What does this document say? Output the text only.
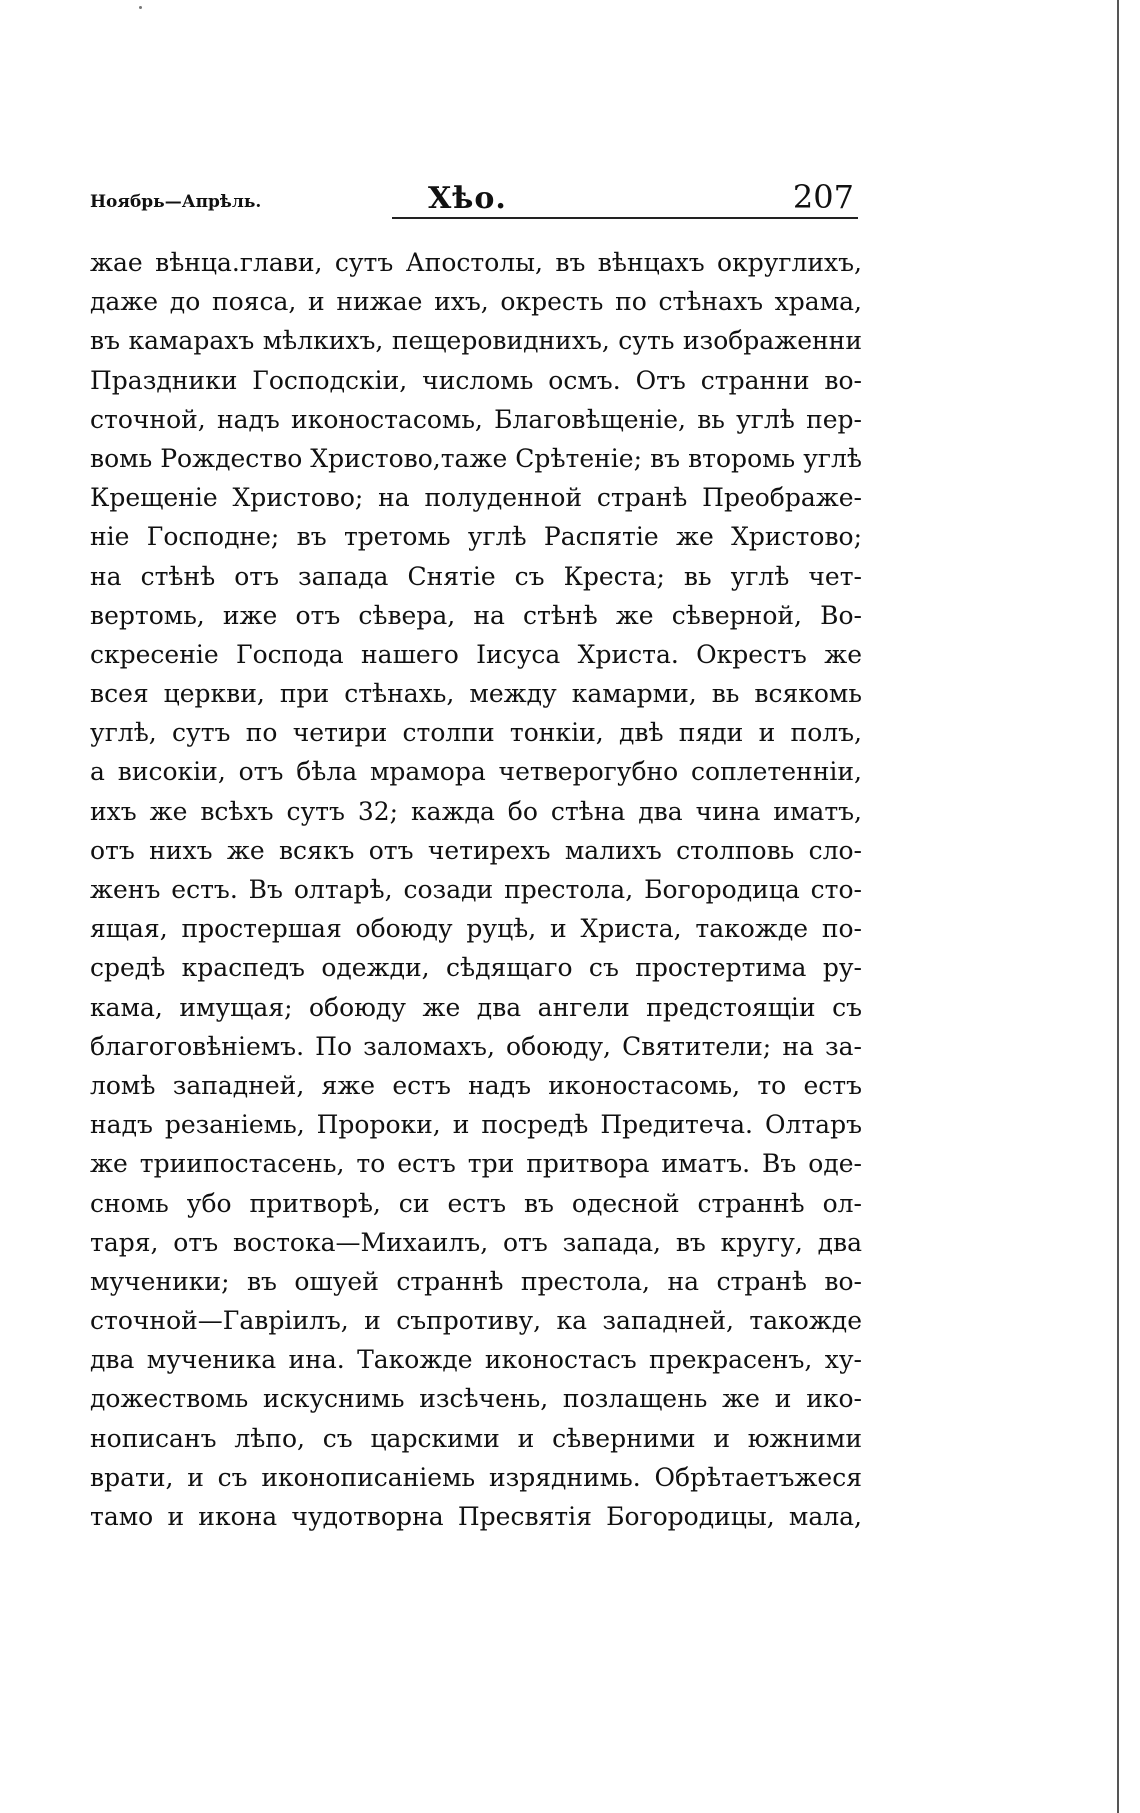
Ноябрь—Апрѣль.	Хѣо.	207
жае вѣнца.глави, сутъ Апостолы, въ вѣнцахъ округлихъ,
даже до пояса, и нижае ихъ, окресть по стѣнахъ храма,
въ камарахъ мѣлкихъ, пещеровиднихъ, суть изображенни
Праздники Господскіи, числомь осмъ. Отъ странни во-
сточной, надъ иконостасомь, Благовѣщеніе, вь углѣ пер-
вомь Рождество Христово,таже Срѣтеніе; въ второмь углѣ
Крещеніе Христово; на полуденной странѣ Преображе-
ніе Господне; въ третомь углѣ Распятіе же Христово;
на стѣнѣ отъ запада Снятіе съ Креста; вь углѣ чет-
вертомь, иже отъ сѣвера, на стѣнѣ же сѣверной, Во-
скресеніе Господа нашего Іисуса Христа. Окрестъ же
всея церкви, при стѣнахь, между камарми, вь всякомь
углѣ, сутъ по четири столпи тонкіи, двѣ пяди и полъ,
а високіи, отъ бѣла мрамора четверогубно соплетенніи,
ихъ же всѣхъ сутъ 32; кажда бо стѣна два чина иматъ,
отъ нихъ же всякъ отъ четирехъ малихъ столповь сло-
женъ естъ. Въ олтарѣ, созади престола, Богородица сто-
ящая, простершая обоюду руцѣ, и Христа, такожде по-
средѣ краспедъ одежди, сѣдящаго съ простертима ру-
кама, имущая; обоюду же два ангели предстоящіи съ
благоговѣніемъ. По заломахъ, обоюду, Святители; на за-
ломѣ западней, яже естъ надъ иконостасомь, то естъ
надъ резаніемь, Пророки, и посредѣ Предитеча. Олтаръ
же триипостасень, то естъ три притвора иматъ. Въ оде-
сномь убо притворѣ, си естъ въ одесной страннѣ ол-
таря, отъ востока—Михаилъ, отъ запада, въ кругу, два
мученики; въ ошуей страннѣ престола, на странѣ во-
сточной—Гавріилъ, и съпротиву, ка западней, такожде
два мученика ина. Такожде иконостасъ прекрасенъ, ху-
дожествомь искуснимь изсѣчень, позлащень же и ико-
нописанъ лѣпо, съ царскими и сѣверними и южними
врати, и съ иконописаніемь изряднимь. Обрѣтаетъжеся
тамо и икона чудотворна Пресвятія Богородицы, мала,
